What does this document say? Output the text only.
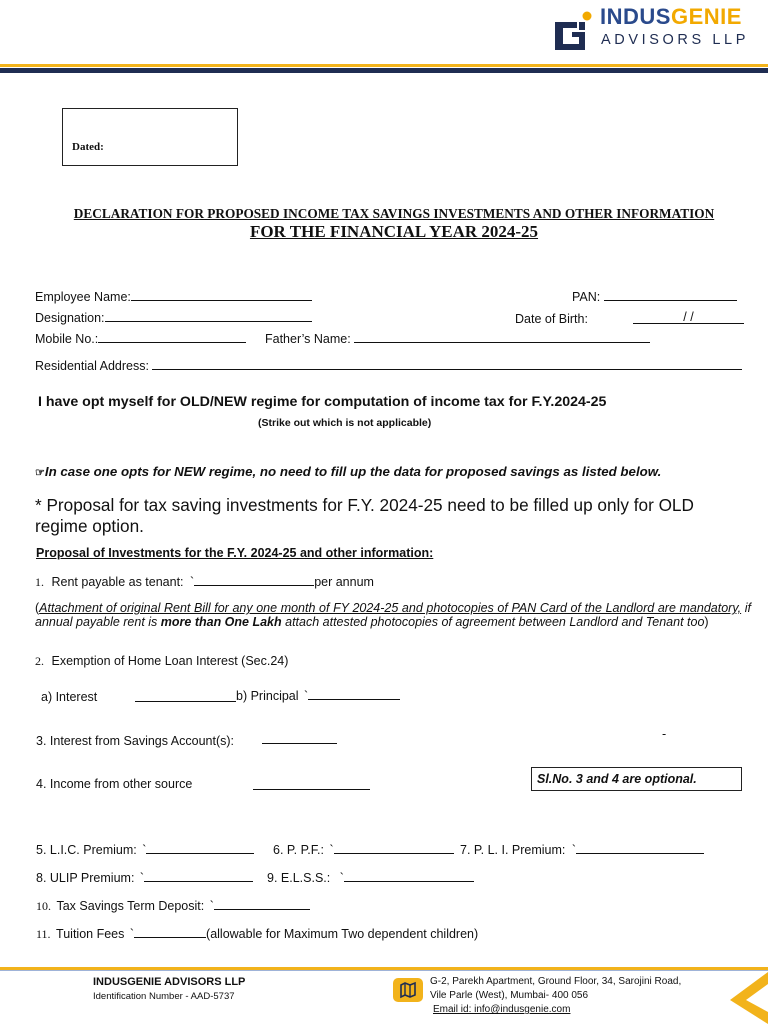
INDUSGENIE
ADVISORS LLP
Dated:
DECLARATION FOR PROPOSED INCOME TAX SAVINGS INVESTMENTS AND OTHER INFORMATION
FOR THE FINANCIAL YEAR 2024-25
Employee Name:	PAN:
Designation:	Date of Birth:	/ /
Mobile No.:	Father’s Name:
Residential Address:
I have opt myself for OLD/NEW regime for computation of income tax for F.Y.2024-25
(Strike out which is not applicable)
☞In case one opts for NEW regime, no need to fill up the data for proposed savings as listed below.
* Proposal for tax saving investments for F.Y. 2024-25 need to be filled up only for OLD
regime option.
Proposal of Investments for the F.Y. 2024-25 and other information:
1. Rent payable as tenant: `	per annum
(Attachment of original Rent Bill for any one month of FY 2024-25 and photocopies of PAN Card of the Landlord are mandatory, if annual payable rent is more than One Lakh attach attested photocopies of agreement between Landlord and Tenant too)
2. Exemption of Home Loan Interest (Sec.24)
a) Interest	b) Principal `
3. Interest from Savings Account(s):	-
4. Income from other source	Sl.No. 3 and 4 are optional.
5. L.I.C. Premium: `	6. P. P.F.: `	7. P. L. I. Premium: `
8. ULIP Premium: `	9. E.L.S.S.: `
10. Tax Savings Term Deposit: `
11. Tuition Fees `	(allowable for Maximum Two dependent children)
INDUSGENIE ADVISORS LLP
Identification Number - AAD-5737
G-2, Parekh Apartment, Ground Floor, 34, Sarojini Road,
Vile Parle (West), Mumbai- 400 056
Email id: info@indusgenie.com
